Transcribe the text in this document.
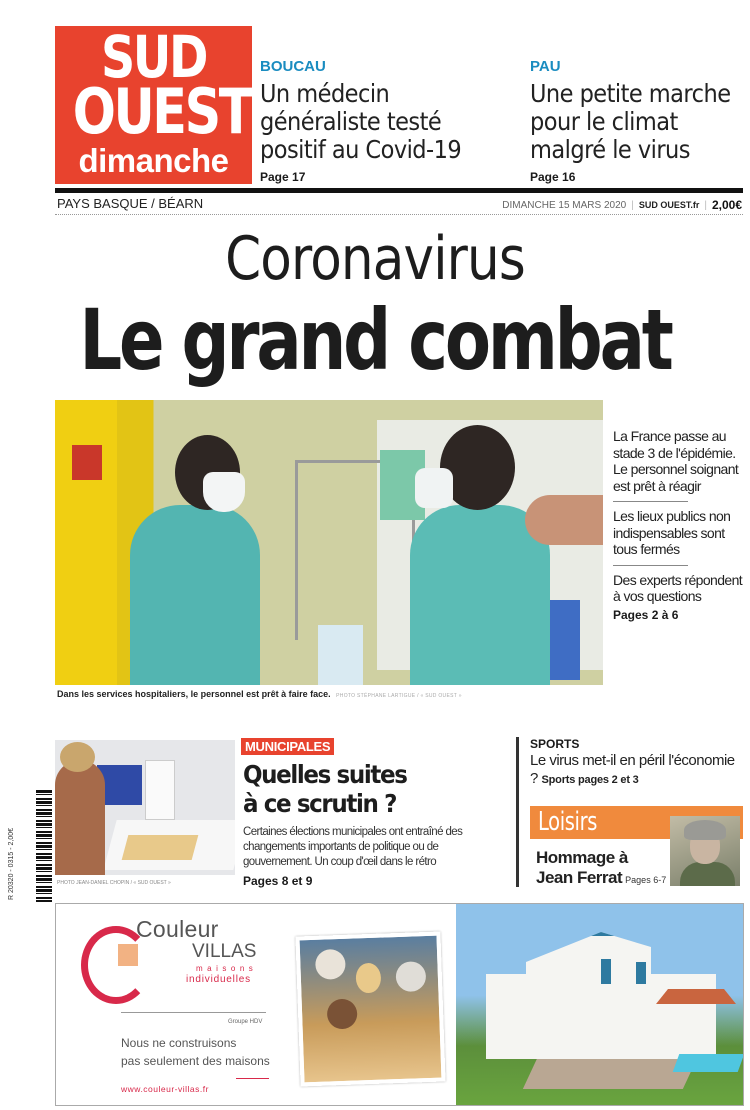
SUD
OUEST
dimanche
BOUCAU
Un médecin
généraliste testé
positif au Covid-19
Page 17
PAU
Une petite marche
pour le climat
malgré le virus
Page 16
PAYS BASQUE / BÉARN	DIMANCHE 15 MARS 2020 | SUD OUEST.fr | 2,00€
Coronavirus
Le grand combat
Dans les services hospitaliers, le personnel est prêt à faire face. PHOTO STÉPHANE LARTIGUE / « SUD OUEST »
La France passe au stade 3 de l'épidémie. Le personnel soignant est prêt à réagir
Les lieux publics non indispensables sont tous fermés
Des experts répondent à vos questions
Pages 2 à 6
R 20320 - 0315 - 2,00€	PHOTO JEAN-DANIEL CHOPIN / « SUD OUEST »
MUNICIPALES
Quelles suites
à ce scrutin ?
Certaines élections municipales ont entraîné des changements importants de politique ou de gouvernement. Un coup d'œil dans le rétro
Pages 8 et 9
SPORTS
Le virus met-il en péril l'économie ? Sports pages 2 et 3
Loisirs
Hommage à
Jean Ferrat Pages 6-7
Couleur
VILLAS
maisons
individuelles
Groupe HDV
Nous ne construisons
pas seulement des maisons
www.couleur-villas.fr
